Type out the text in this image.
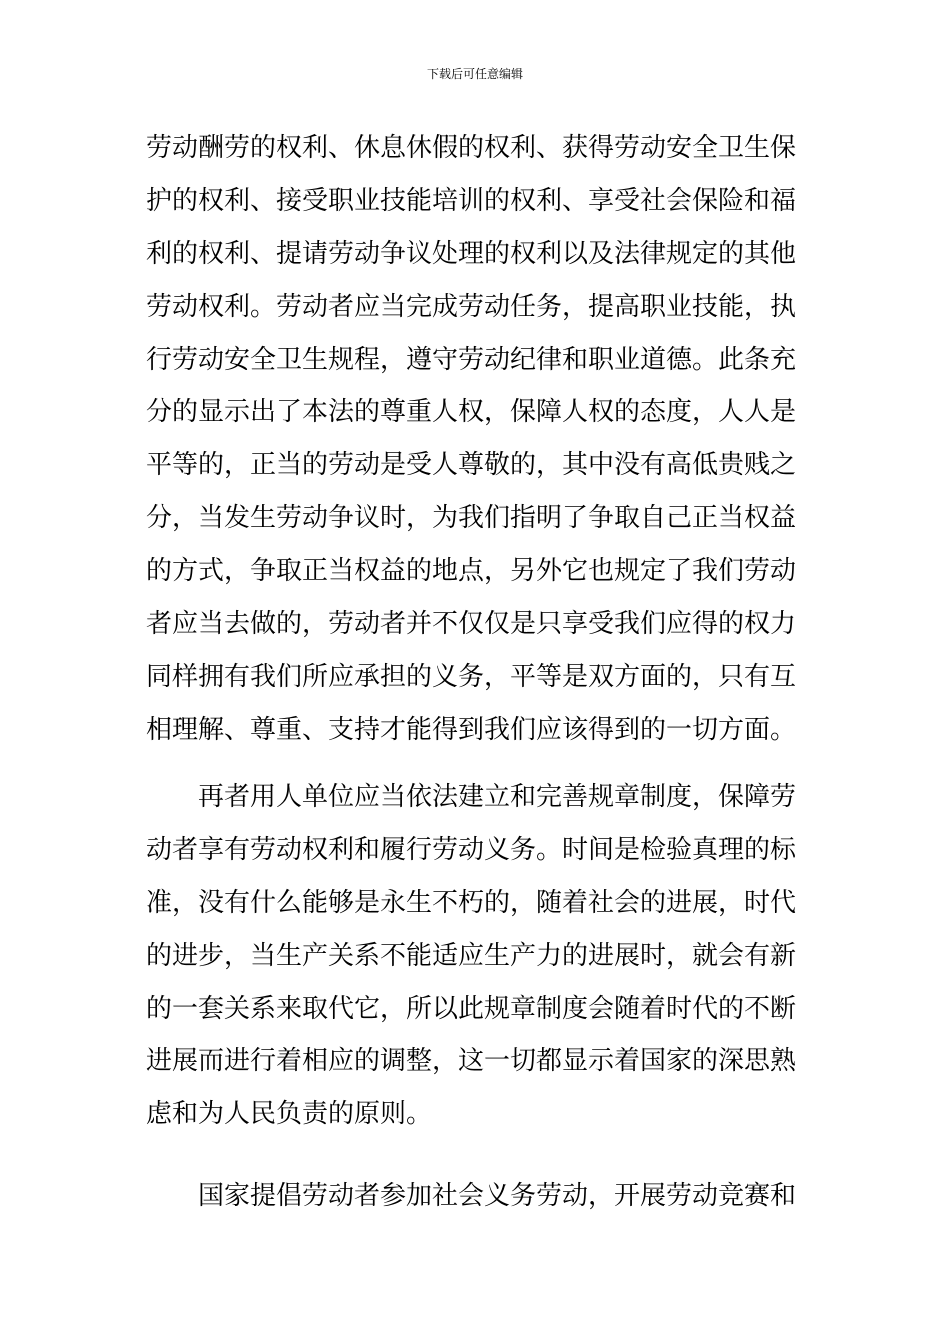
下载后可任意编辑
劳动酬劳的权利、休息休假的权利、获得劳动安全卫生保
护的权利、接受职业技能培训的权利、享受社会保险和福
利的权利、提请劳动争议处理的权利以及法律规定的其他
劳动权利。劳动者应当完成劳动任务，提高职业技能，执
行劳动安全卫生规程，遵守劳动纪律和职业道德。此条充
分的显示出了本法的尊重人权，保障人权的态度，人人是
平等的，正当的劳动是受人尊敬的，其中没有高低贵贱之
分，当发生劳动争议时，为我们指明了争取自己正当权益
的方式，争取正当权益的地点，另外它也规定了我们劳动
者应当去做的，劳动者并不仅仅是只享受我们应得的权力
同样拥有我们所应承担的义务，平等是双方面的，只有互
相理解、尊重、支持才能得到我们应该得到的一切方面。
再者用人单位应当依法建立和完善规章制度，保障劳
动者享有劳动权利和履行劳动义务。时间是检验真理的标
准，没有什么能够是永生不朽的，随着社会的进展，时代
的进步，当生产关系不能适应生产力的进展时，就会有新
的一套关系来取代它，所以此规章制度会随着时代的不断
进展而进行着相应的调整，这一切都显示着国家的深思熟
虑和为人民负责的原则。
国家提倡劳动者参加社会义务劳动，开展劳动竞赛和
